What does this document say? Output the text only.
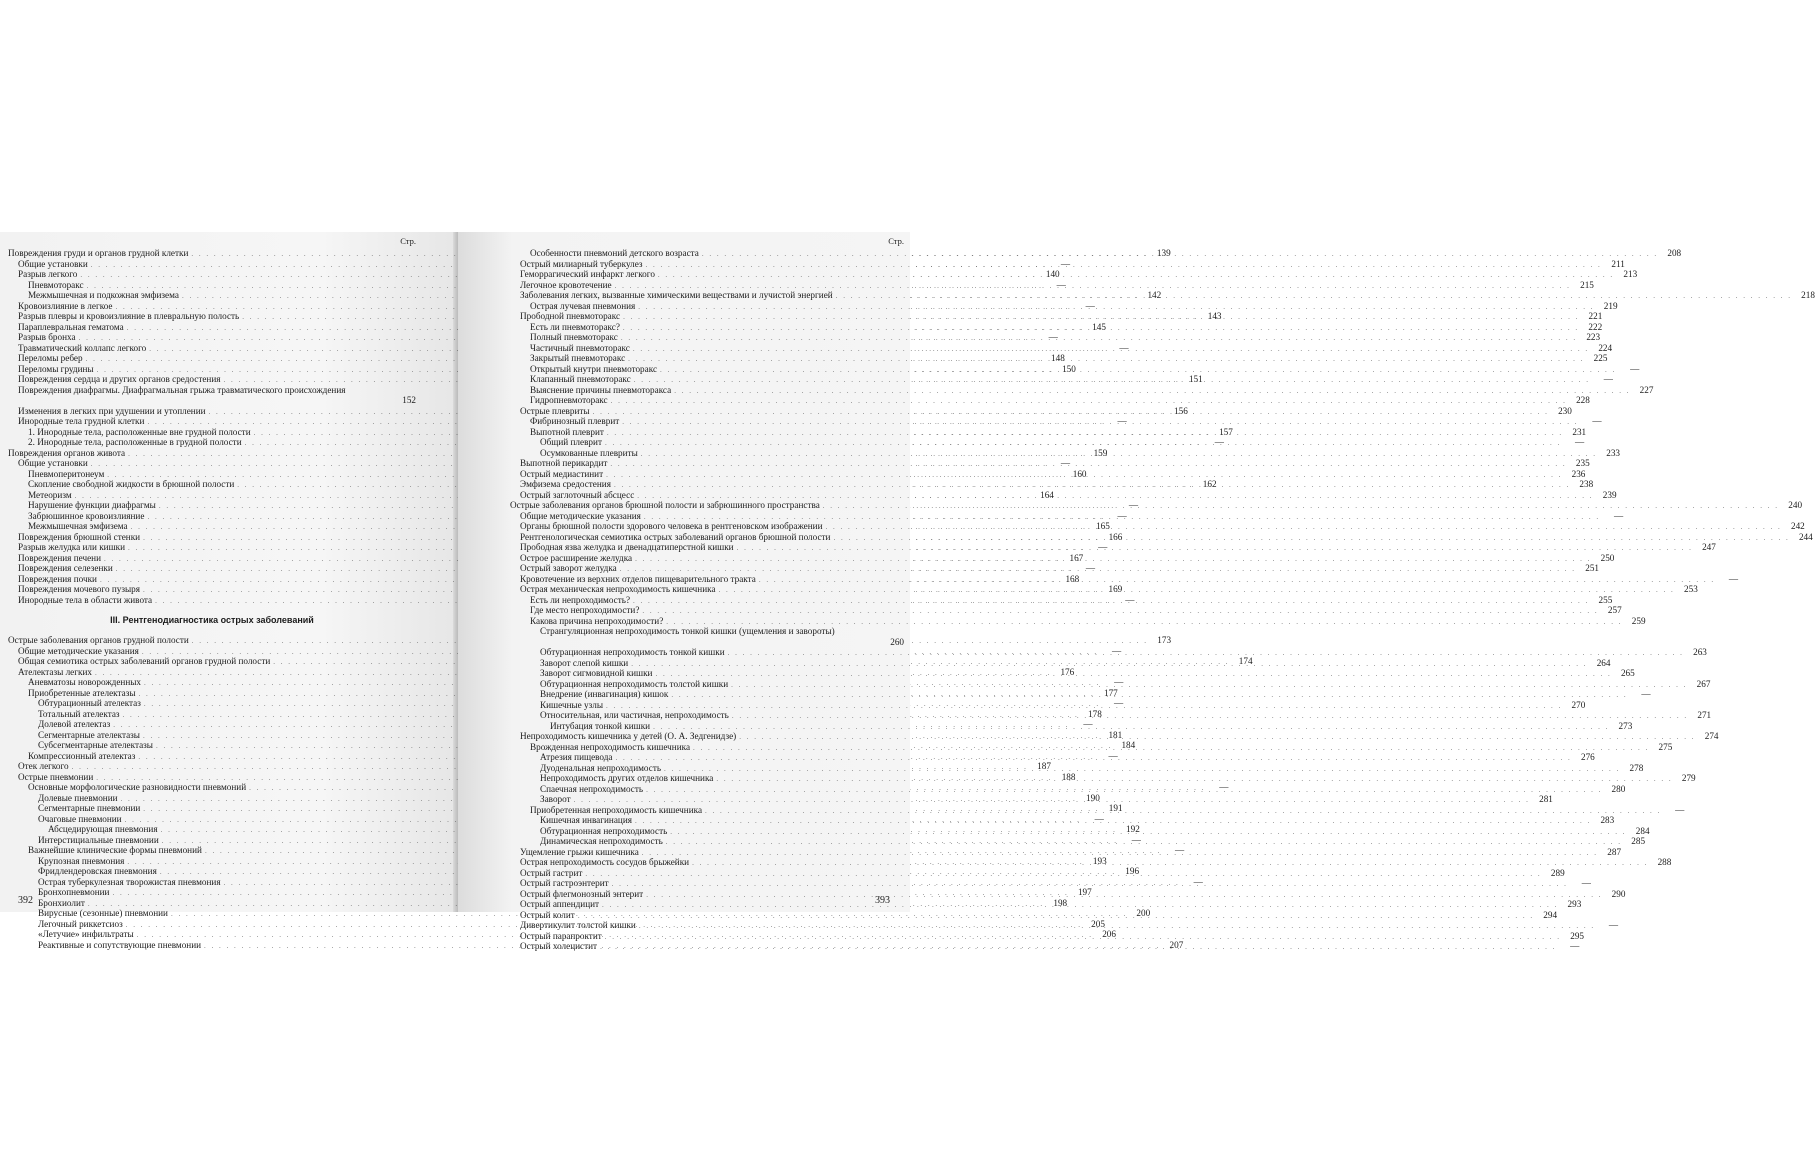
Стр.
Повреждения груди и органов грудной клетки . . .	139
Общие установки . . .	—
Разрыв легкого . . .	140
Пневмоторакс . . .	—
Межмышечная и подкожная эмфизема . . .	142
Кровоизлияние в легкое . . .	—
Разрыв плевры и кровоизлияние в плевральную полость . . .	143
Параплевральная гематома . . .	145
Разрыв бронха . . .	—
Травматический коллапс легкого . . .	—
Переломы ребер . . .	148
Переломы грудины . . .	150
Повреждения сердца и других органов средостения . . .	151
Повреждения диафрагмы. Диафрагмальная грыжа травматического происхождения
152
Изменения в легких при удушении и утоплении . . .	156
Инородные тела грудной клетки . . .	—
1. Инородные тела, расположенные вне грудной полости . . .	157
2. Инородные тела, расположенные в грудной полости . . .	—
Повреждения органов живота . . .	159
Общие установки . . .	—
Пневмоперитонеум . . .	160
Скопление свободной жидкости в брюшной полости . . .	162
Метеоризм . . .	164
Нарушение функции диафрагмы . . .	—
Забрюшинное кровоизлияние . . .	—
Межмышечная эмфизема . . .	165
Повреждения брюшной стенки . . .	166
Разрыв желудка или кишки . . .	—
Повреждения печени . . .	167
Повреждения селезенки . . .	—
Повреждения почки . . .	168
Повреждения мочевого пузыря . . .	169
Инородные тела в области живота . . .	—
III. Рентгенодиагностика острых заболеваний
Острые заболевания органов грудной полости . . .	173
Общие методические указания . . .	—
Общая семиотика острых заболеваний органов грудной полости . . .	174
Ателектазы легких . . .	176
Аневматозы новорожденных . . .	—
Приобретенные ателектазы . . .	177
Обтурационный ателектаз . . .	—
Тотальный ателектаз . . .	178
Долевой ателектаз . . .	—
Сегментарные ателектазы . . .	181
Субсегментарные ателектазы . . .	184
Компрессионный ателектаз . . .	—
Отек легкого . . .	187
Острые пневмонии . . .	188
Основные морфологические разновидности пневмоний . . .	—
Долевые пневмонии . . .	190
Сегментарные пневмонии . . .	191
Очаговые пневмонии . . .	—
Абсцедирующая пневмония . . .	192
Интерстициальные пневмонии . . .	—
Важнейшие клинические формы пневмоний . . .	—
Крупозная пневмония . . .	193
Фридлендеровская пневмония . . .	196
Острая туберкулезная творожистая пневмония . . .	—
Бронхопневмонии . . .	197
Бронхиолит . . .	198
Вирусные (сезонные) пневмонии . . .	200
Легочный риккетсиоз . . .	205
«Летучие» инфильтраты . . .	206
Реактивные и сопутствующие пневмонии . . .	207
392
Стр.
Особенности пневмоний детского возраста . . .	208
Острый милиарный туберкулез . . .	211
Геморрагический инфаркт легкого . . .	213
Легочное кровотечение . . .	215
Заболевания легких, вызванные химическими веществами и лучистой энергией . . .	218
Острая лучевая пневмония . . .	219
Прободной пневмоторакс . . .	221
Есть ли пневмоторакс? . . .	222
Полный пневмоторакс . . .	223
Частичный пневмоторакс . . .	224
Закрытый пневмоторакс . . .	225
Открытый кнутри пневмоторакс . . .	—
Клапанный пневмоторакс . . .	—
Выяснение причины пневмоторакса . . .	227
Гидропневмоторакс . . .	228
Острые плевриты . . .	230
Фибринозный плеврит . . .	—
Выпотной плеврит . . .	231
Общий плеврит . . .	—
Осумкованные плевриты . . .	233
Выпотной перикардит . . .	235
Острый медиастинит . . .	236
Эмфизема средостения . . .	238
Острый заглоточный абсцесс . . .	239
Острые заболевания органов брюшной полости и забрюшинного пространства . . .	240
Общие методические указания . . .	—
Органы брюшной полости здорового человека в рентгеновском изображении . . .	242
Рентгенологическая семиотика острых заболеваний органов брюшной полости . . .	244
Прободная язва желудка и двенадцатиперстной кишки . . .	247
Острое расширение желудка . . .	250
Острый заворот желудка . . .	251
Кровотечение из верхних отделов пищеварительного тракта . . .	—
Острая механическая непроходимость кишечника . . .	253
Есть ли непроходимость? . . .	255
Где место непроходимости? . . .	257
Какова причина непроходимости? . . .	259
Странгуляционная непроходимость тонкой кишки (ущемления и завороты)
260
Обтурационная непроходимость тонкой кишки . . .	263
Заворот слепой кишки . . .	264
Заворот сигмовидной кишки . . .	265
Обтурационная непроходимость толстой кишки . . .	267
Внедрение (инвагинация) кишок . . .	—
Кишечные узлы . . .	270
Относительная, или частичная, непроходимость . . .	271
Интубация тонкой кишки . . .	273
Непроходимость кишечника у детей (О. А. Зедгенидзе) . . .	274
Врожденная непроходимость кишечника . . .	275
Атрезия пищевода . . .	276
Дуоденальная непроходимость . . .	278
Непроходимость других отделов кишечника . . .	279
Спаечная непроходимость . . .	280
Заворот . . .	281
Приобретенная непроходимость кишечника . . .	—
Кишечная инвагинация . . .	283
Обтурационная непроходимость . . .	284
Динамическая непроходимость . . .	285
Ущемление грыжи кишечника . . .	287
Острая непроходимость сосудов брыжейки . . .	288
Острый гастрит . . .	289
Острый гастроэнтерит . . .	—
Острый флегмонозный энтерит . . .	290
Острый аппендицит . . .	293
Острый колит . . .	294
Дивертикулит толстой кишки . . .	—
Острый парапроктит . . .	295
Острый холецистит . . .	—
393
